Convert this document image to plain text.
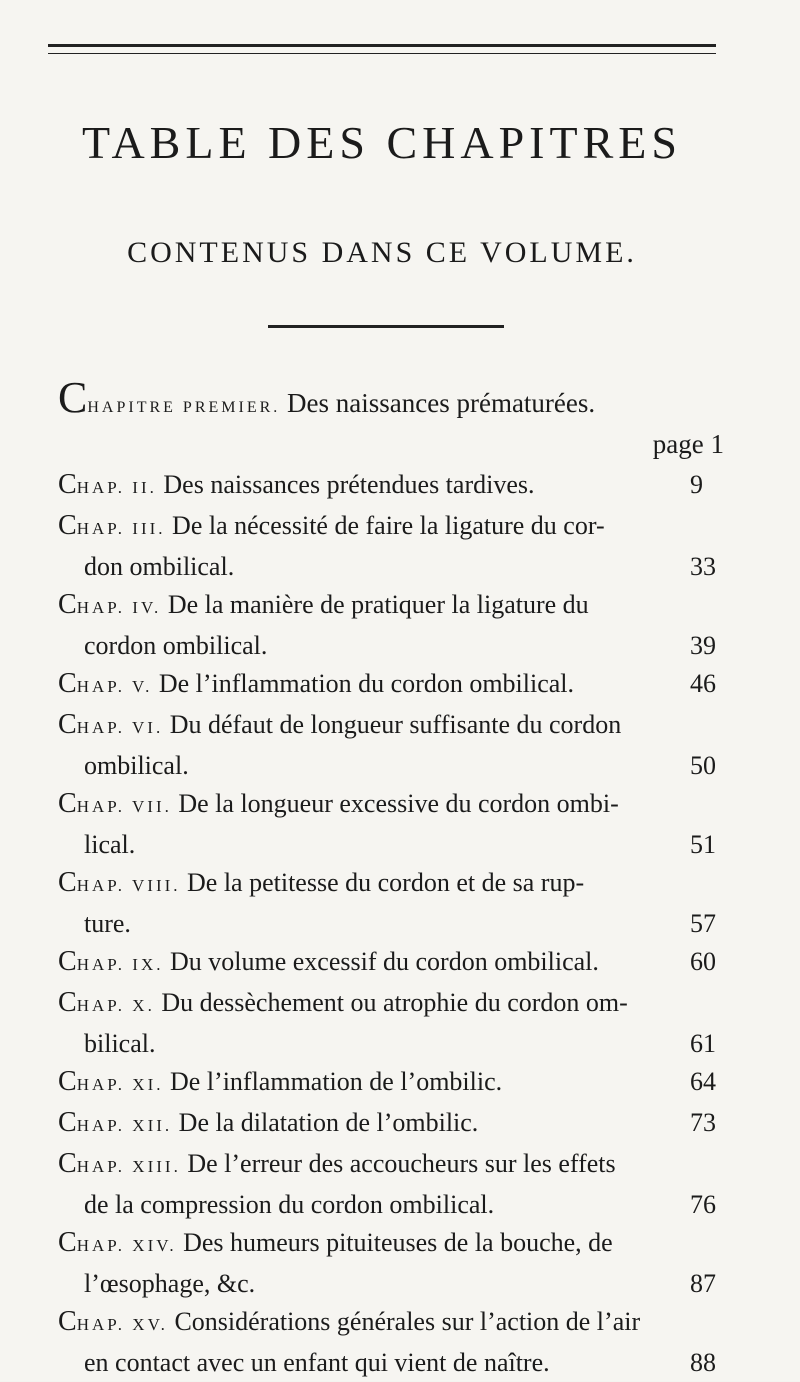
TABLE DES CHAPITRES
CONTENUS DANS CE VOLUME.
CHAPITRE PREMIER. Des naissances prématurées.
page 1
CHAP. II. Des naissances prétendues tardives.	9
CHAP. III. De la nécessité de faire la ligature du cor-
don ombilical.	33
CHAP. IV. De la manière de pratiquer la ligature du
cordon ombilical.	39
CHAP. V. De l’inflammation du cordon ombilical.	46
CHAP. VI. Du défaut de longueur suffisante du cordon
ombilical.	50
CHAP. VII. De la longueur excessive du cordon ombi-
lical.	51
CHAP. VIII. De la petitesse du cordon et de sa rup-
ture.	57
CHAP. IX. Du volume excessif du cordon ombilical.	60
CHAP. X. Du dessèchement ou atrophie du cordon om-
bilical.	61
CHAP. XI. De l’inflammation de l’ombilic.	64
CHAP. XII. De la dilatation de l’ombilic.	73
CHAP. XIII. De l’erreur des accoucheurs sur les effets
de la compression du cordon ombilical.	76
CHAP. XIV. Des humeurs pituiteuses de la bouche, de
l’œsophage, &c.	87
CHAP. XV. Considérations générales sur l’action de l’air
en contact avec un enfant qui vient de naître.	88
